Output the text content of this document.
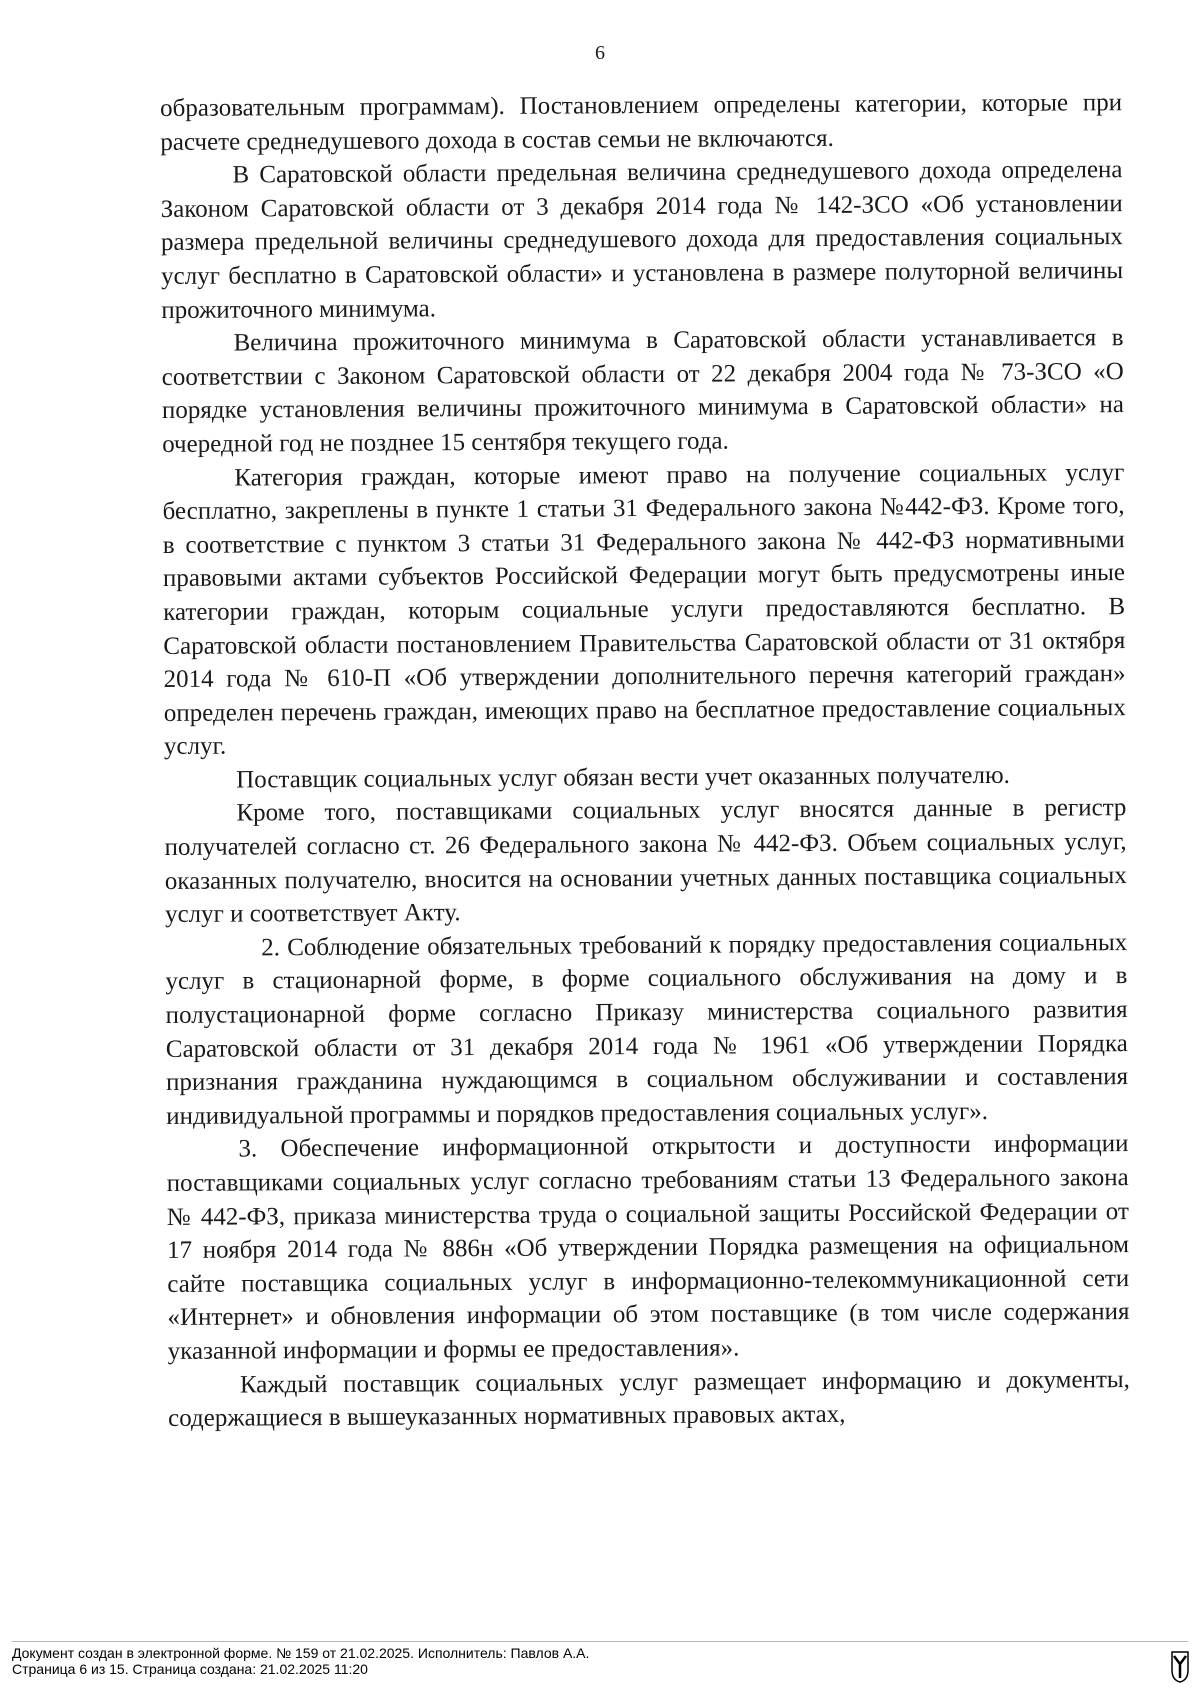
6

образовательным программам). Постановлением определены категории, которые при расчете среднедушевого дохода в состав семьи не включаются.

В Саратовской области предельная величина среднедушевого дохода определена Законом Саратовской области от 3 декабря 2014 года № 142-ЗСО «Об установлении размера предельной величины среднедушевого дохода для предоставления социальных услуг бесплатно в Саратовской области» и установлена в размере полуторной величины прожиточного минимума.

Величина прожиточного минимума в Саратовской области устанавливается в соответствии с Законом Саратовской области от 22 декабря 2004 года № 73-ЗСО «О порядке установления величины прожиточного минимума в Саратовской области» на очередной год не позднее 15 сентября текущего года.

Категория граждан, которые имеют право на получение социальных услуг бесплатно, закреплены в пункте 1 статьи 31 Федерального закона №442-ФЗ. Кроме того, в соответствие с пунктом 3 статьи 31 Федерального закона № 442-ФЗ нормативными правовыми актами субъектов Российской Федерации могут быть предусмотрены иные категории граждан, которым социальные услуги предоставляются бесплатно. В Саратовской области постановлением Правительства Саратовской области от 31 октября 2014 года № 610-П «Об утверждении дополнительного перечня категорий граждан» определен перечень граждан, имеющих право на бесплатное предоставление социальных услуг.

Поставщик социальных услуг обязан вести учет оказанных получателю.

Кроме того, поставщиками социальных услуг вносятся данные в регистр получателей согласно ст. 26 Федерального закона № 442-ФЗ. Объем социальных услуг, оказанных получателю, вносится на основании учетных данных поставщика социальных услуг и соответствует Акту.

2. Соблюдение обязательных требований к порядку предоставления социальных услуг в стационарной форме, в форме социального обслуживания на дому и в полустационарной форме согласно Приказу министерства социального развития Саратовской области от 31 декабря 2014 года № 1961 «Об утверждении Порядка признания гражданина нуждающимся в социальном обслуживании и составления индивидуальной программы и порядков предоставления социальных услуг».

3. Обеспечение информационной открытости и доступности информации поставщиками социальных услуг согласно требованиям статьи 13 Федерального закона № 442-ФЗ, приказа министерства труда о социальной защиты Российской Федерации от 17 ноября 2014 года № 886н «Об утверждении Порядка размещения на официальном сайте поставщика социальных услуг в информационно-телекоммуникационной сети «Интернет» и обновления информации об этом поставщике (в том числе содержания указанной информации и формы ее предоставления».

Каждый поставщик социальных услуг размещает информацию и документы, содержащиеся в вышеуказанных нормативных правовых актах,

Документ создан в электронной форме. № 159 от 21.02.2025. Исполнитель: Павлов А.А.
Страница 6 из 15. Страница создана: 21.02.2025 11:20
